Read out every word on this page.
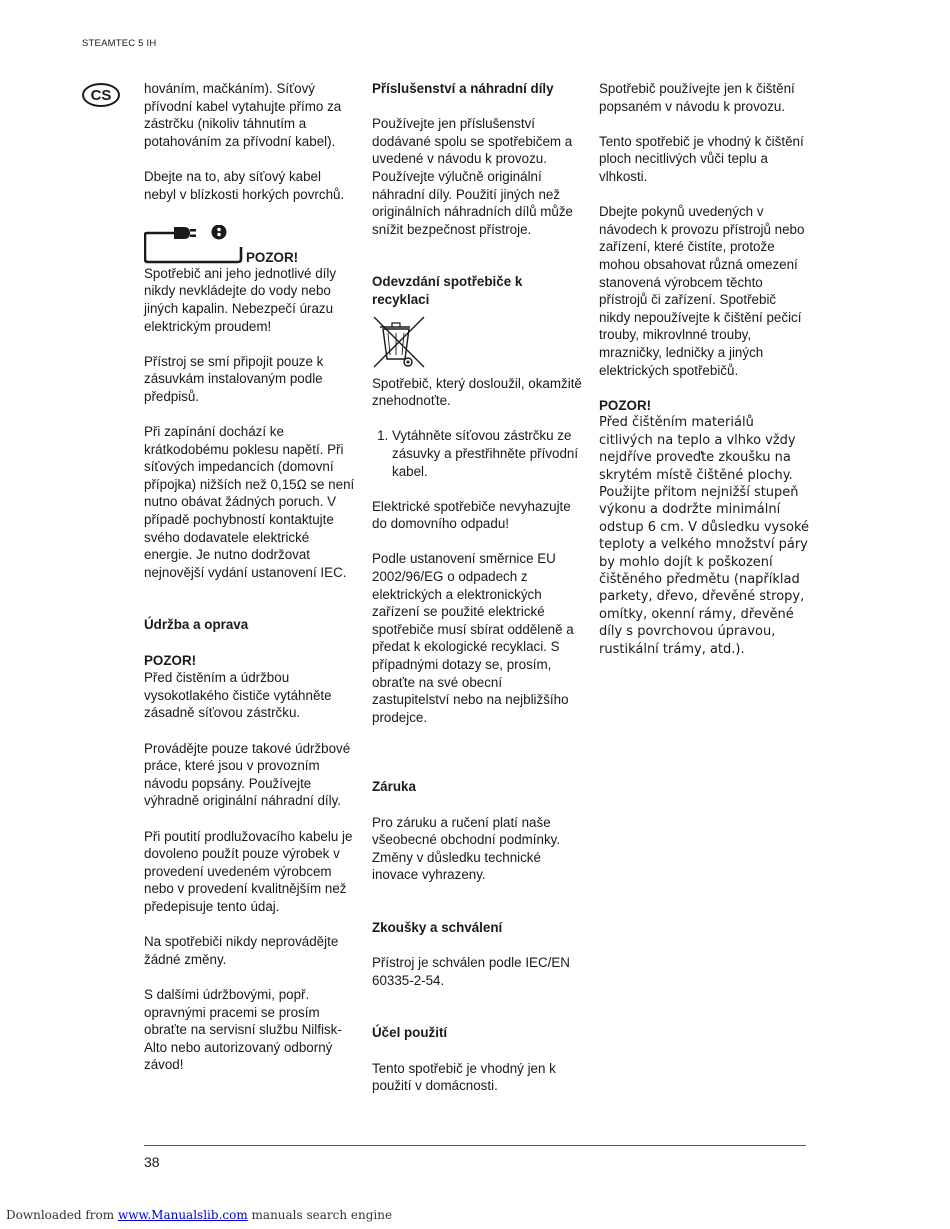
STEAMTEC 5 IH
CS	hováním, mačkáním). Síťový přívodní kabel vytahujte přímo za zástrčku (nikoliv táhnutím a potahováním za přívodní kabel).

Dbejte na to, aby síťový kabel nebyl v blízkosti horkých povrchů.

POZOR!

Spotřebič ani jeho jednotlivé díly nikdy nevkládejte do vody nebo jiných kapalin. Nebezpečí úrazu elektrickým proudem!

Přístroj se smí připojit pouze k zásuvkám instalovaným podle předpisů.

Při zapínání dochází ke krátkodobému poklesu napětí. Při síťových impedancích (domovní přípojka) nižších než 0,15Ω se není nutno obávat žádných poruch. V případě pochybností kontaktujte svého dodavatele elektrické energie. Je nutno dodržovat nejnovější vydání ustanovení IEC.

Údržba a oprava

POZOR!

Před čistěním a údržbou vysokotlakého čističe vytáhněte zásadně síťovou zástrčku.

Provádějte pouze takové údržbové práce, které jsou v provozním návodu popsány. Používejte výhradně originální náhradní díly.

Při poutití prodlužovacího kabelu je dovoleno použít pouze výrobek v provedení uvedeném výrobcem nebo v provedení kvalitnějším než předepisuje tento údaj.

Na spotřebiči nikdy neprovádějte žádné změny.

S dalšími údržbovými, popř. opravnými pracemi se prosím obraťte na servisní službu Nilfisk-Alto nebo autorizovaný odborný závod!

Příslušenství a náhradní díly

Používejte jen příslušenství dodávané spolu se spotřebičem a uvedené v návodu k provozu. Používejte výlučně originální náhradní díly. Použití jiných než originálních náhradních dílů může snížit bezpečnost přístroje.

Odevzdání spotřebiče k recyklaci

Spotřebič, který dosloužil, okamžitě znehodnoťte.

1. Vytáhněte síťovou zástrčku ze zásuvky a přestřihněte přívodní kabel.

Elektrické spotřebiče nevyhazujte do domovního odpadu!

Podle ustanovení směrnice EU 2002/96/EG o odpadech z elektrických a elektronických zařízení se použité elektrické spotřebiče musí sbírat odděleně a předat k ekologické recyklaci. S případnými dotazy se, prosím, obraťte na své obecní zastupitelství nebo na nejbližšího prodejce.

Záruka

Pro záruku a ručení platí naše všeobecné obchodní podmínky. Změny v důsledku technické inovace vyhrazeny.

Zkoušky a schválení

Přístroj je schválen podle IEC/EN 60335-2-54.

Účel použití

Tento spotřebič je vhodný jen k použití v domácnosti.

Spotřebič používejte jen k čištění popsaném v návodu k provozu.

Tento spotřebič je vhodný k čištění ploch necitlivých vůči teplu a vlhkosti.

Dbejte pokynů uvedených v návodech k provozu přístrojů nebo zařízení, které čistíte, protože mohou obsahovat různá omezení stanovená výrobcem těchto přístrojů či zařízení. Spotřebič nikdy nepoužívejte k čištění pečicí trouby, mikrovlnné trouby, mrazničky, ledničky a jiných elektrických spotřebičů.

POZOR!

Před čištěním materiálů citlivých na teplo a vlhko vždy nejdříve proveďte zkoušku na skrytém místě čištěné plochy. Použijte přitom nejnižší stupeň výkonu a dodržte minimální odstup 6 cm. V důsledku vysoké teploty a velkého množství páry by mohlo dojít k poškození čištěného předmětu (například parkety, dřevo, dřevěné stropy, omítky, okenní rámy, dřevěné díly s povrchovou úpravou, rustikální trámy, atd.).

38
Downloaded from www.Manualslib.com manuals search engine
